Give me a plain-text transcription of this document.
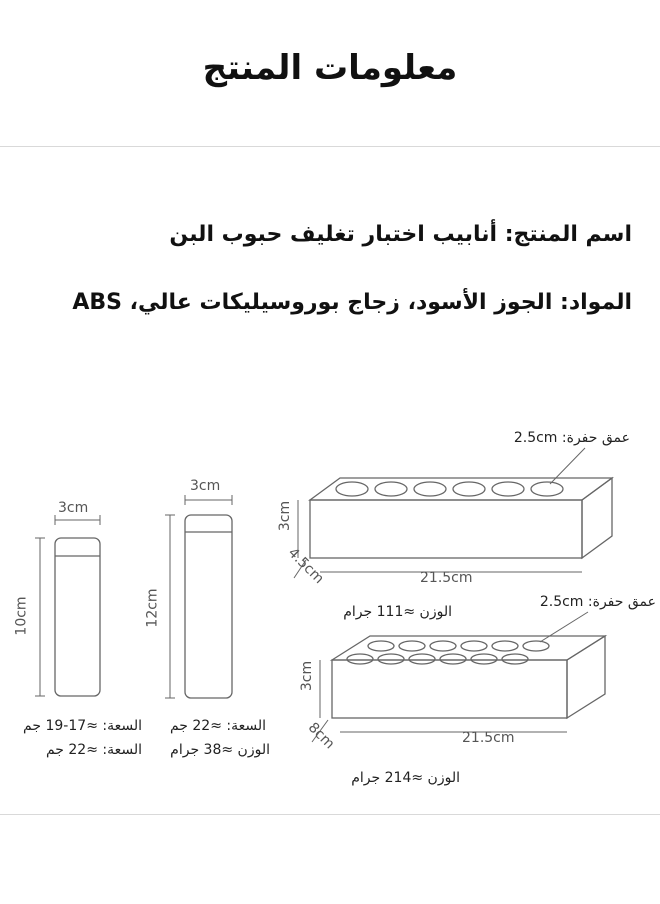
معلومات المنتج
اسم المنتج: أنابيب اختبار تغليف حبوب البن
المواد: الجوز الأسود، زجاج بوروسيليكات عالي، ABS
3cm
10cm
3cm
12cm
السعة: ≈17-19 جم
السعة: ≈22 جم
السعة: ≈22 جم
الوزن ≈38 جرام
عمق حفرة: 2.5cm
3cm
4.5cm	21.5cm
الوزن ≈111 جرام
عمق حفرة: 2.5cm
3cm
8cm	21.5cm
الوزن ≈214 جرام
